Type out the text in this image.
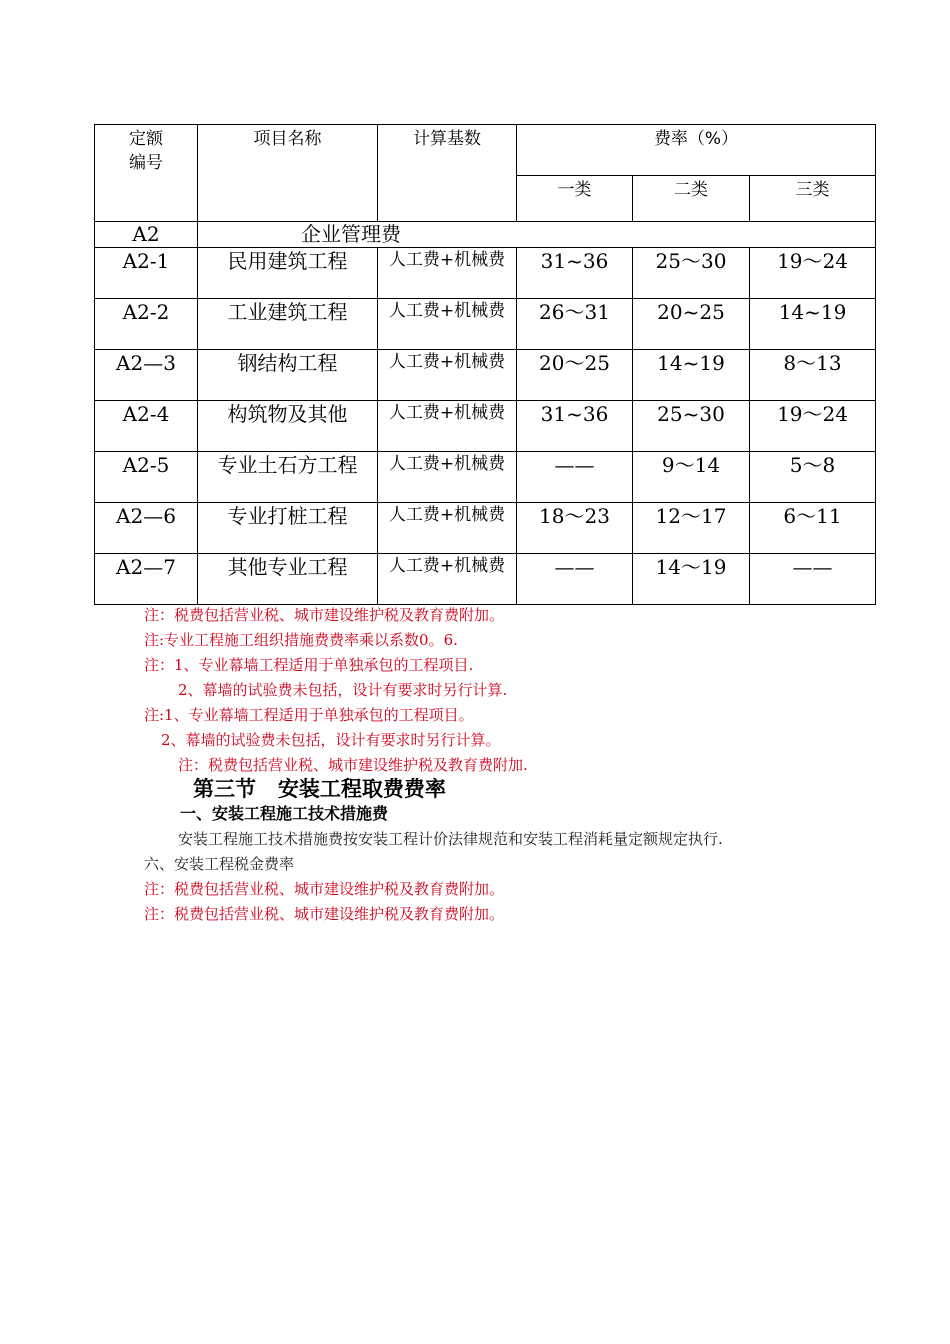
定额
编号	项目名称	计算基数	费率（%）		
			一类	二类	三类
A2	企业管理费				
A2-1	民用建筑工程	人工费+机械费	31~36	25～30	19～24
A2-2	工业建筑工程	人工费+机械费	26～31	20~25	14~19
A2—3	钢结构工程	人工费+机械费	20～25	14~19	8～13
A2-4	构筑物及其他	人工费+机械费	31~36	25~30	19～24
A2-5	专业土石方工程	人工费+机械费	——	9～14	5～8
A2—6	专业打桩工程	人工费+机械费	18～23	12～17	6～11
A2—7	其他专业工程	人工费+机械费	——	14～19	——
注：税费包括营业税、城市建设维护税及教育费附加。
注:专业工程施工组织措施费费率乘以系数0。6.
注：1、专业幕墙工程适用于单独承包的工程项目.
2、幕墙的试验费未包括，设计有要求时另行计算.
注:1、专业幕墙工程适用于单独承包的工程项目。
2、幕墙的试验费未包括，设计有要求时另行计算。
注：税费包括营业税、城市建设维护税及教育费附加.
第三节   安装工程取费费率
一、安装工程施工技术措施费
安装工程施工技术措施费按安装工程计价法律规范和安装工程消耗量定额规定执行.
六、安装工程税金费率
注：税费包括营业税、城市建设维护税及教育费附加。
注：税费包括营业税、城市建设维护税及教育费附加。
